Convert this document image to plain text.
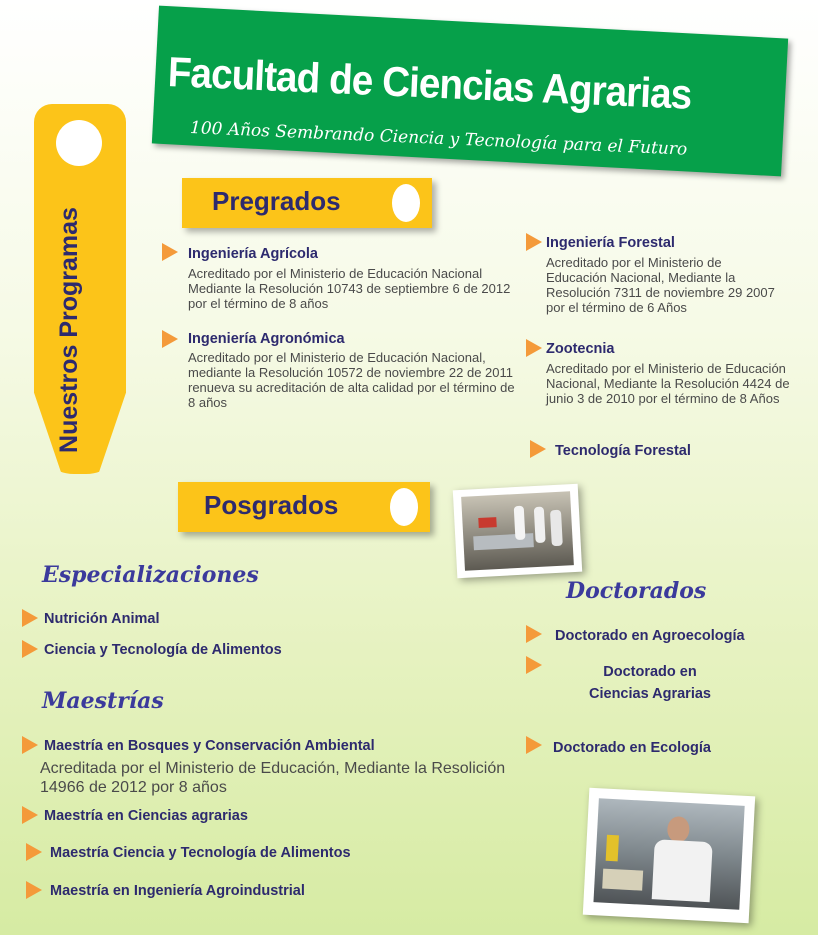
Facultad de Ciencias Agrarias
100 Años Sembrando Ciencia y Tecnología para el Futuro
Nuestros Programas
Pregrados
Ingeniería Agrícola
Acreditado por el Ministerio de Educación Nacional Mediante la Resolución 10743 de septiembre 6 de 2012 por el término de 8 años
Ingeniería Agronómica
Acreditado por el Ministerio de Educación Nacional, mediante la Resolución 10572 de noviembre 22 de 2011 renueva su acreditación de alta calidad por el término de 8 años
Ingeniería Forestal
Acreditado por el Ministerio de Educación Nacional, Mediante la Resolución 7311 de noviembre 29 2007 por el término de 6 Años
Zootecnia
Acreditado por el Ministerio de Educación Nacional, Mediante la Resolución 4424 de junio 3 de 2010 por el término de 8 Años
Tecnología Forestal
Posgrados
Especializaciones
Nutrición Animal
Ciencia y Tecnología de Alimentos
Maestrías
Maestría en Bosques y Conservación Ambiental
Acreditada por el Ministerio de Educación, Mediante la Resolición 14966 de 2012 por 8 años
Maestría en Ciencias agrarias
Maestría Ciencia y Tecnología de Alimentos
Maestría en Ingeniería Agroindustrial
Doctorados
Doctorado en Agroecología
Doctorado en Ciencias Agrarias
Doctorado en Ecología
